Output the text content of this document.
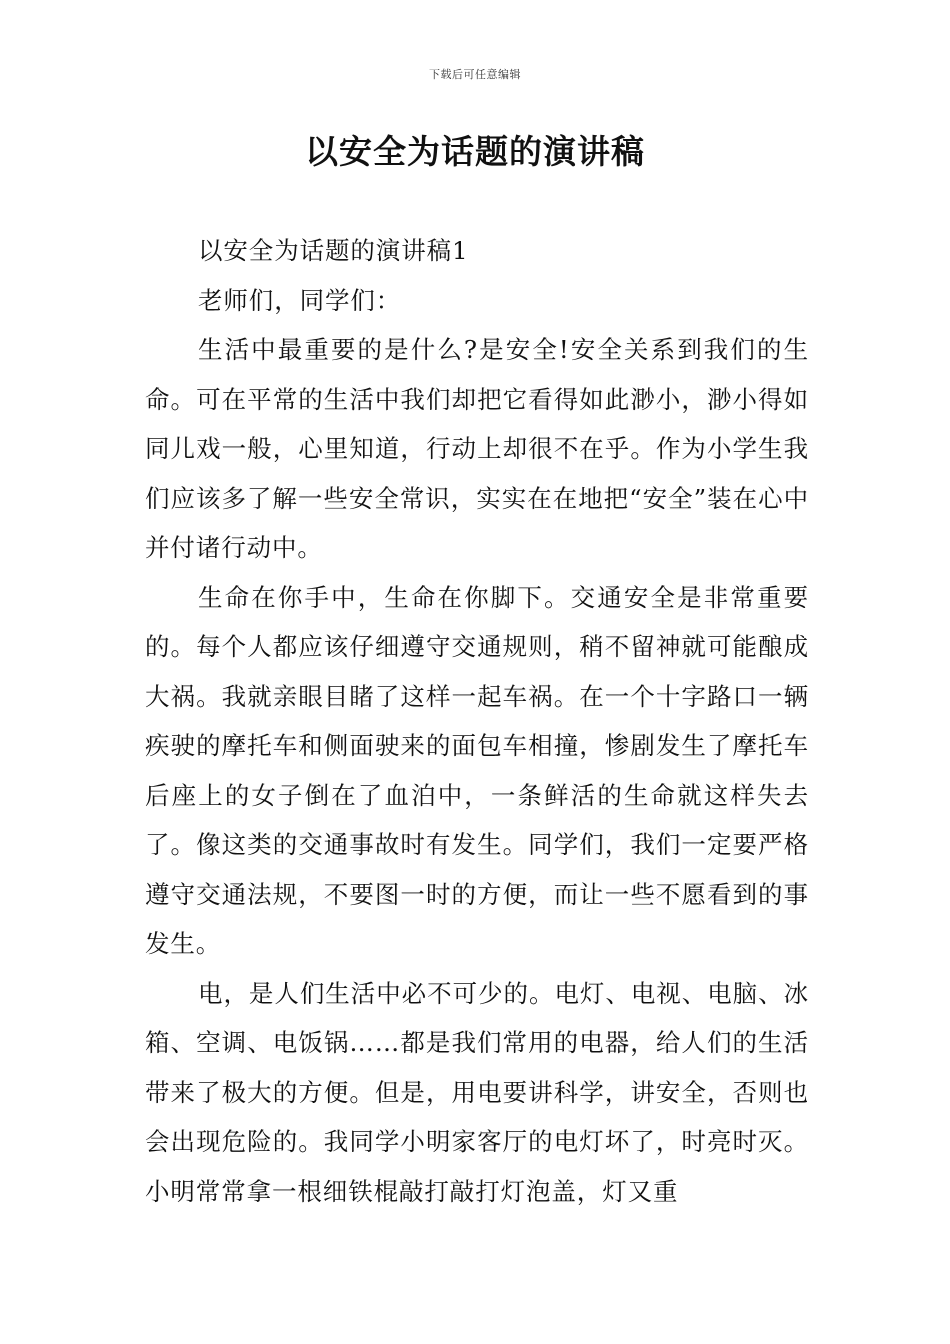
下载后可任意编辑
以安全为话题的演讲稿

以安全为话题的演讲稿1

老师们，同学们：

生活中最重要的是什么?是安全!安全关系到我们的生命。可在平常的生活中我们却把它看得如此渺小，渺小得如同儿戏一般，心里知道，行动上却很不在乎。作为小学生我们应该多了解一些安全常识，实实在在地把“安全”装在心中并付诸行动中。

生命在你手中，生命在你脚下。交通安全是非常重要的。每个人都应该仔细遵守交通规则，稍不留神就可能酿成大祸。我就亲眼目睹了这样一起车祸。在一个十字路口一辆疾驶的摩托车和侧面驶来的面包车相撞，惨剧发生了摩托车后座上的女子倒在了血泊中，一条鲜活的生命就这样失去了。像这类的交通事故时有发生。同学们，我们一定要严格遵守交通法规，不要图一时的方便，而让一些不愿看到的事发生。

电，是人们生活中必不可少的。电灯、电视、电脑、冰箱、空调、电饭锅……都是我们常用的电器，给人们的生活带来了极大的方便。但是，用电要讲科学，讲安全，否则也会出现危险的。我同学小明家客厅的电灯坏了，时亮时灭。小明常常拿一根细铁棍敲打敲打灯泡盖，灯又重
